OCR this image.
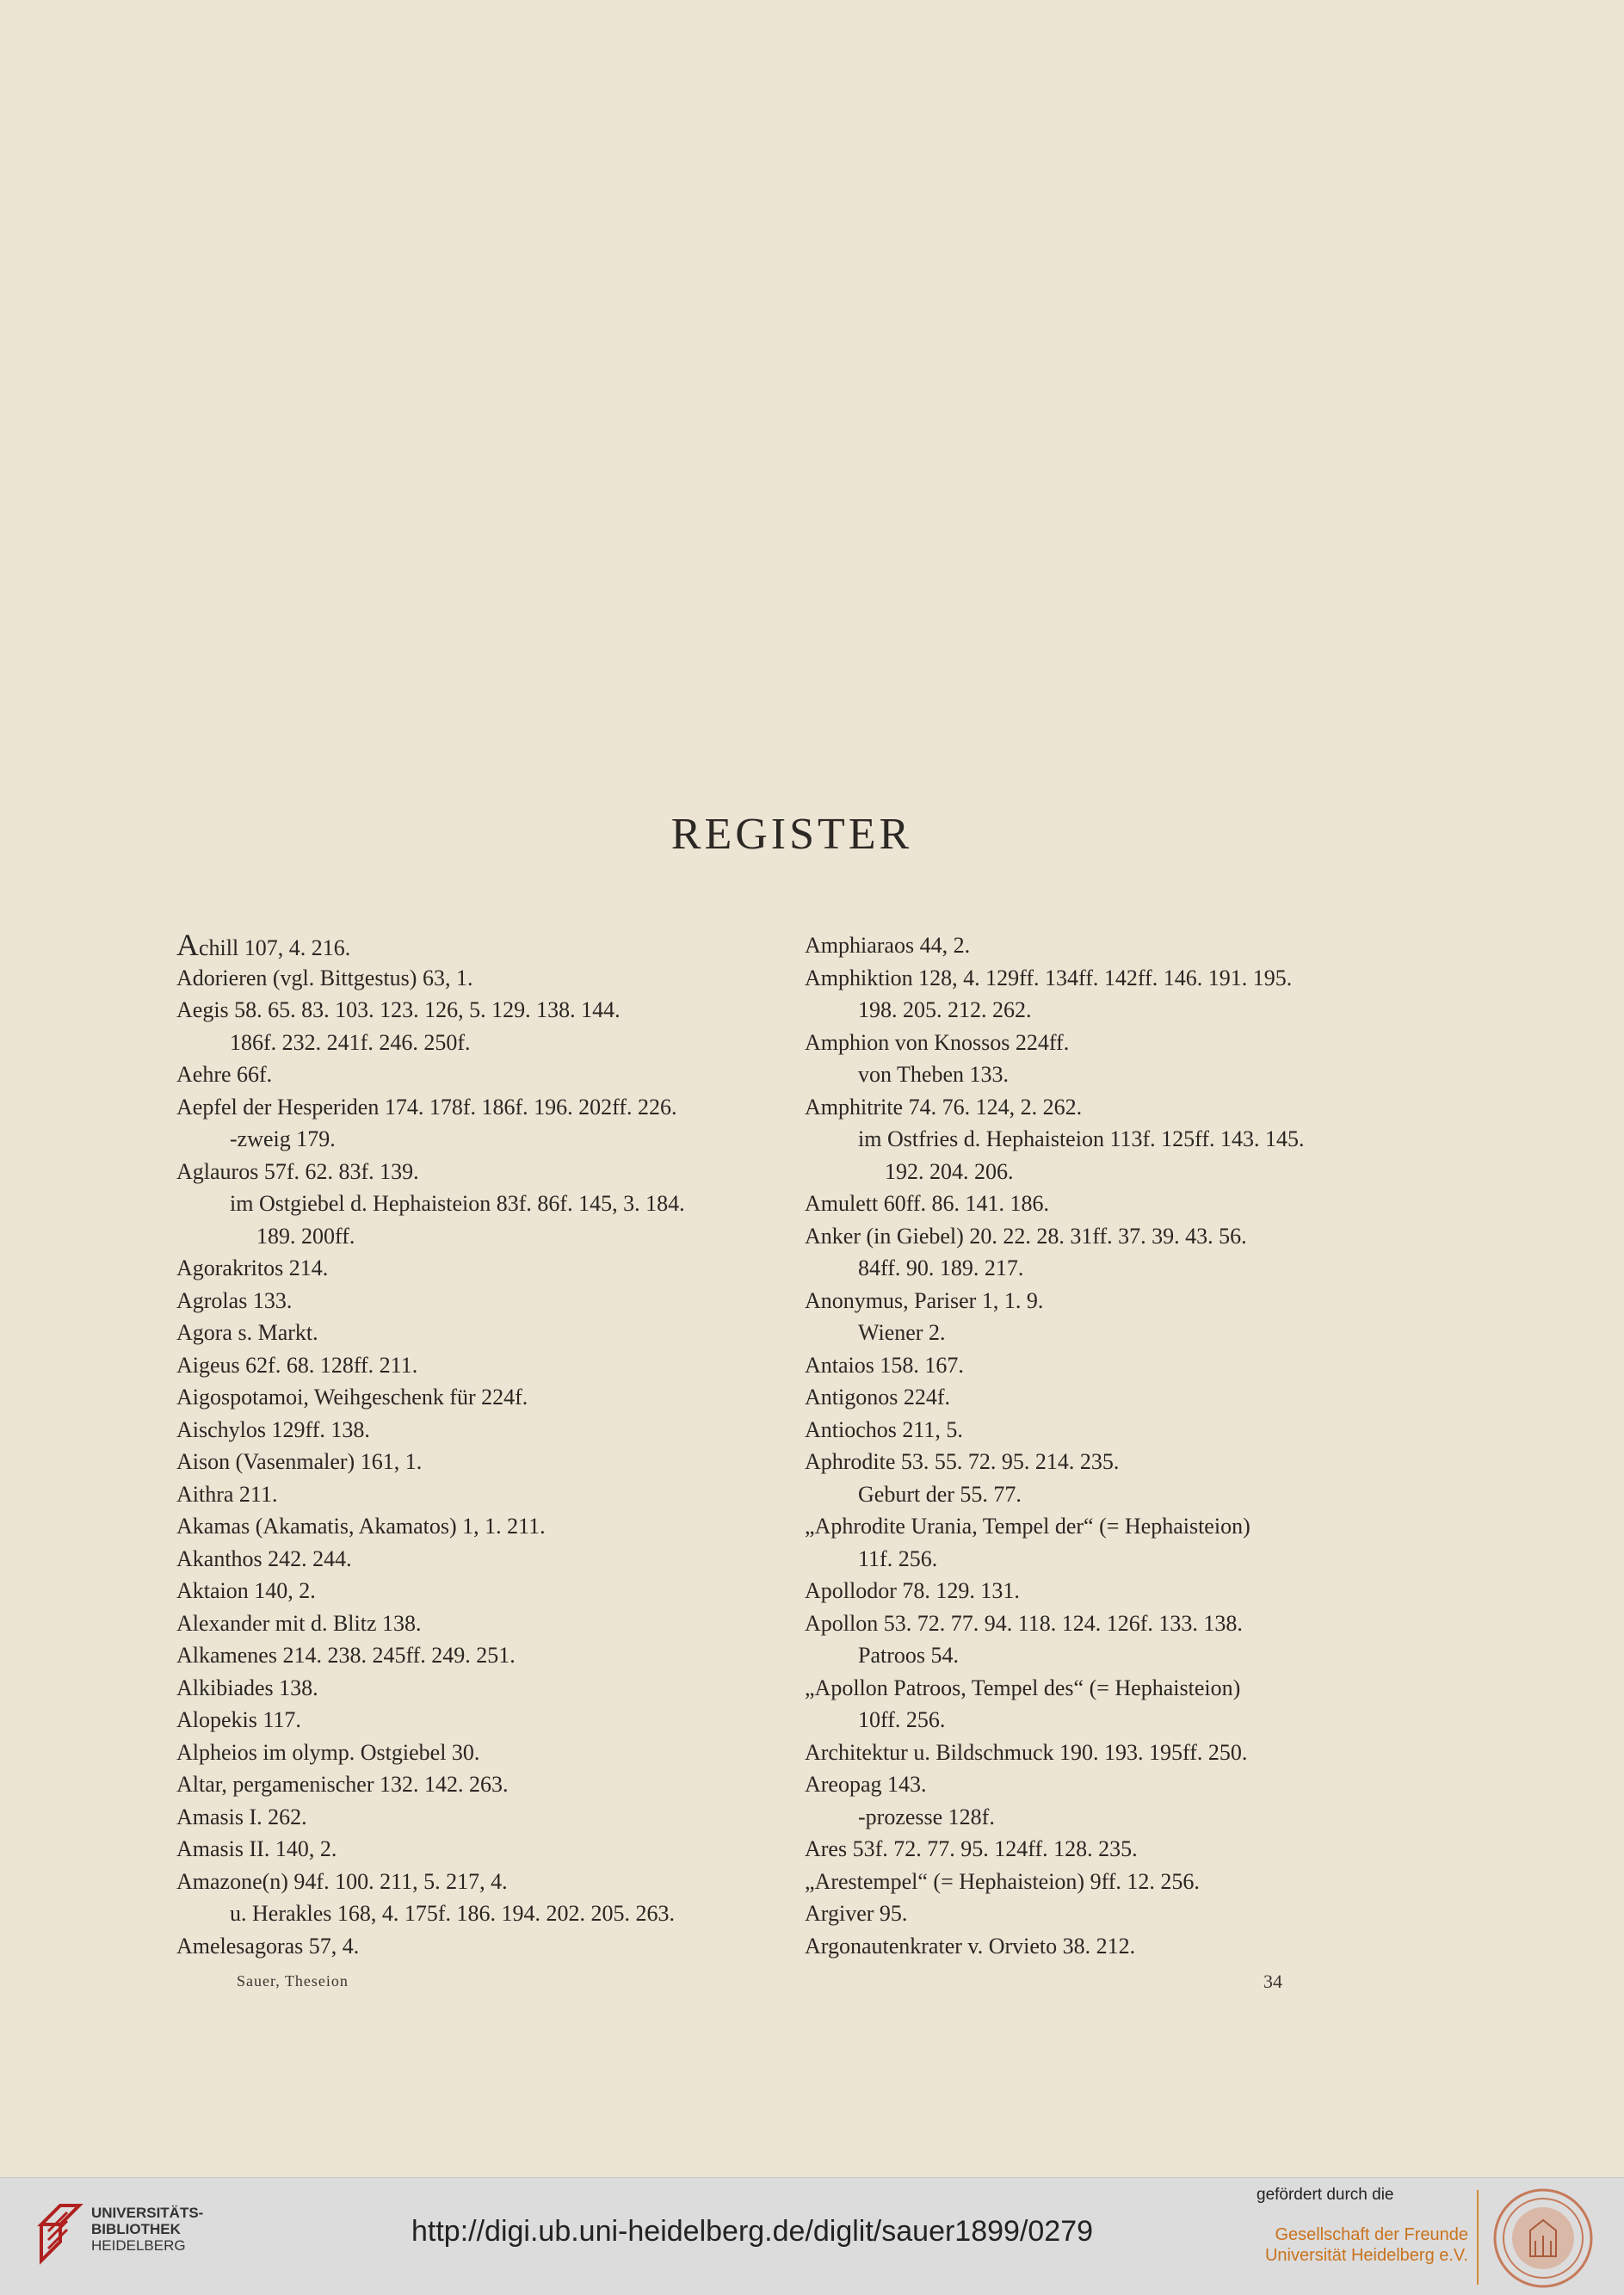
REGISTER
Achill 107, 4. 216.
Adorieren (vgl. Bittgestus) 63, 1.
Aegis 58. 65. 83. 103. 123. 126, 5. 129. 138. 144.
186f. 232. 241f. 246. 250f.
Aehre 66f.
Aepfel der Hesperiden 174. 178f. 186f. 196. 202ff. 226.
-zweig 179.
Aglauros 57f. 62. 83f. 139.
im Ostgiebel d. Hephaisteion 83f. 86f. 145, 3. 184.
189. 200ff.
Agorakritos 214.
Agrolas 133.
Agora s. Markt.
Aigeus 62f. 68. 128ff. 211.
Aigospotamoi, Weihgeschenk für 224f.
Aischylos 129ff. 138.
Aison (Vasenmaler) 161, 1.
Aithra 211.
Akamas (Akamatis, Akamatos) 1, 1. 211.
Akanthos 242. 244.
Aktaion 140, 2.
Alexander mit d. Blitz 138.
Alkamenes 214. 238. 245ff. 249. 251.
Alkibiades 138.
Alopekis 117.
Alpheios im olymp. Ostgiebel 30.
Altar, pergamenischer 132. 142. 263.
Amasis I. 262.
Amasis II. 140, 2.
Amazone(n) 94f. 100. 211, 5. 217, 4.
u. Herakles 168, 4. 175f. 186. 194. 202. 205. 263.
Amelesagoras 57, 4.
Amphiaraos 44, 2.
Amphiktion 128, 4. 129ff. 134ff. 142ff. 146. 191. 195.
198. 205. 212. 262.
Amphion von Knossos 224ff.
von Theben 133.
Amphitrite 74. 76. 124, 2. 262.
im Ostfries d. Hephaisteion 113f. 125ff. 143. 145.
192. 204. 206.
Amulett 60ff. 86. 141. 186.
Anker (in Giebel) 20. 22. 28. 31ff. 37. 39. 43. 56.
84ff. 90. 189. 217.
Anonymus, Pariser 1, 1. 9.
Wiener 2.
Antaios 158. 167.
Antigonos 224f.
Antiochos 211, 5.
Aphrodite 53. 55. 72. 95. 214. 235.
Geburt der 55. 77.
„Aphrodite Urania, Tempel der“ (= Hephaisteion)
11f. 256.
Apollodor 78. 129. 131.
Apollon 53. 72. 77. 94. 118. 124. 126f. 133. 138.
Patroos 54.
„Apollon Patroos, Tempel des“ (= Hephaisteion)
10ff. 256.
Architektur u. Bildschmuck 190. 193. 195ff. 250.
Areopag 143.
-prozesse 128f.
Ares 53f. 72. 77. 95. 124ff. 128. 235.
„Arestempel“ (= Hephaisteion) 9ff. 12. 256.
Argiver 95.
Argonautenkrater v. Orvieto 38. 212.
Sauer, Theseion	34
UNIVERSITÄTS-
BIBLIOTHEK
HEIDELBERG	http://digi.ub.uni-heidelberg.de/diglit/sauer1899/0279
gefördert durch die
Gesellschaft der Freunde
Universität Heidelberg e.V.
